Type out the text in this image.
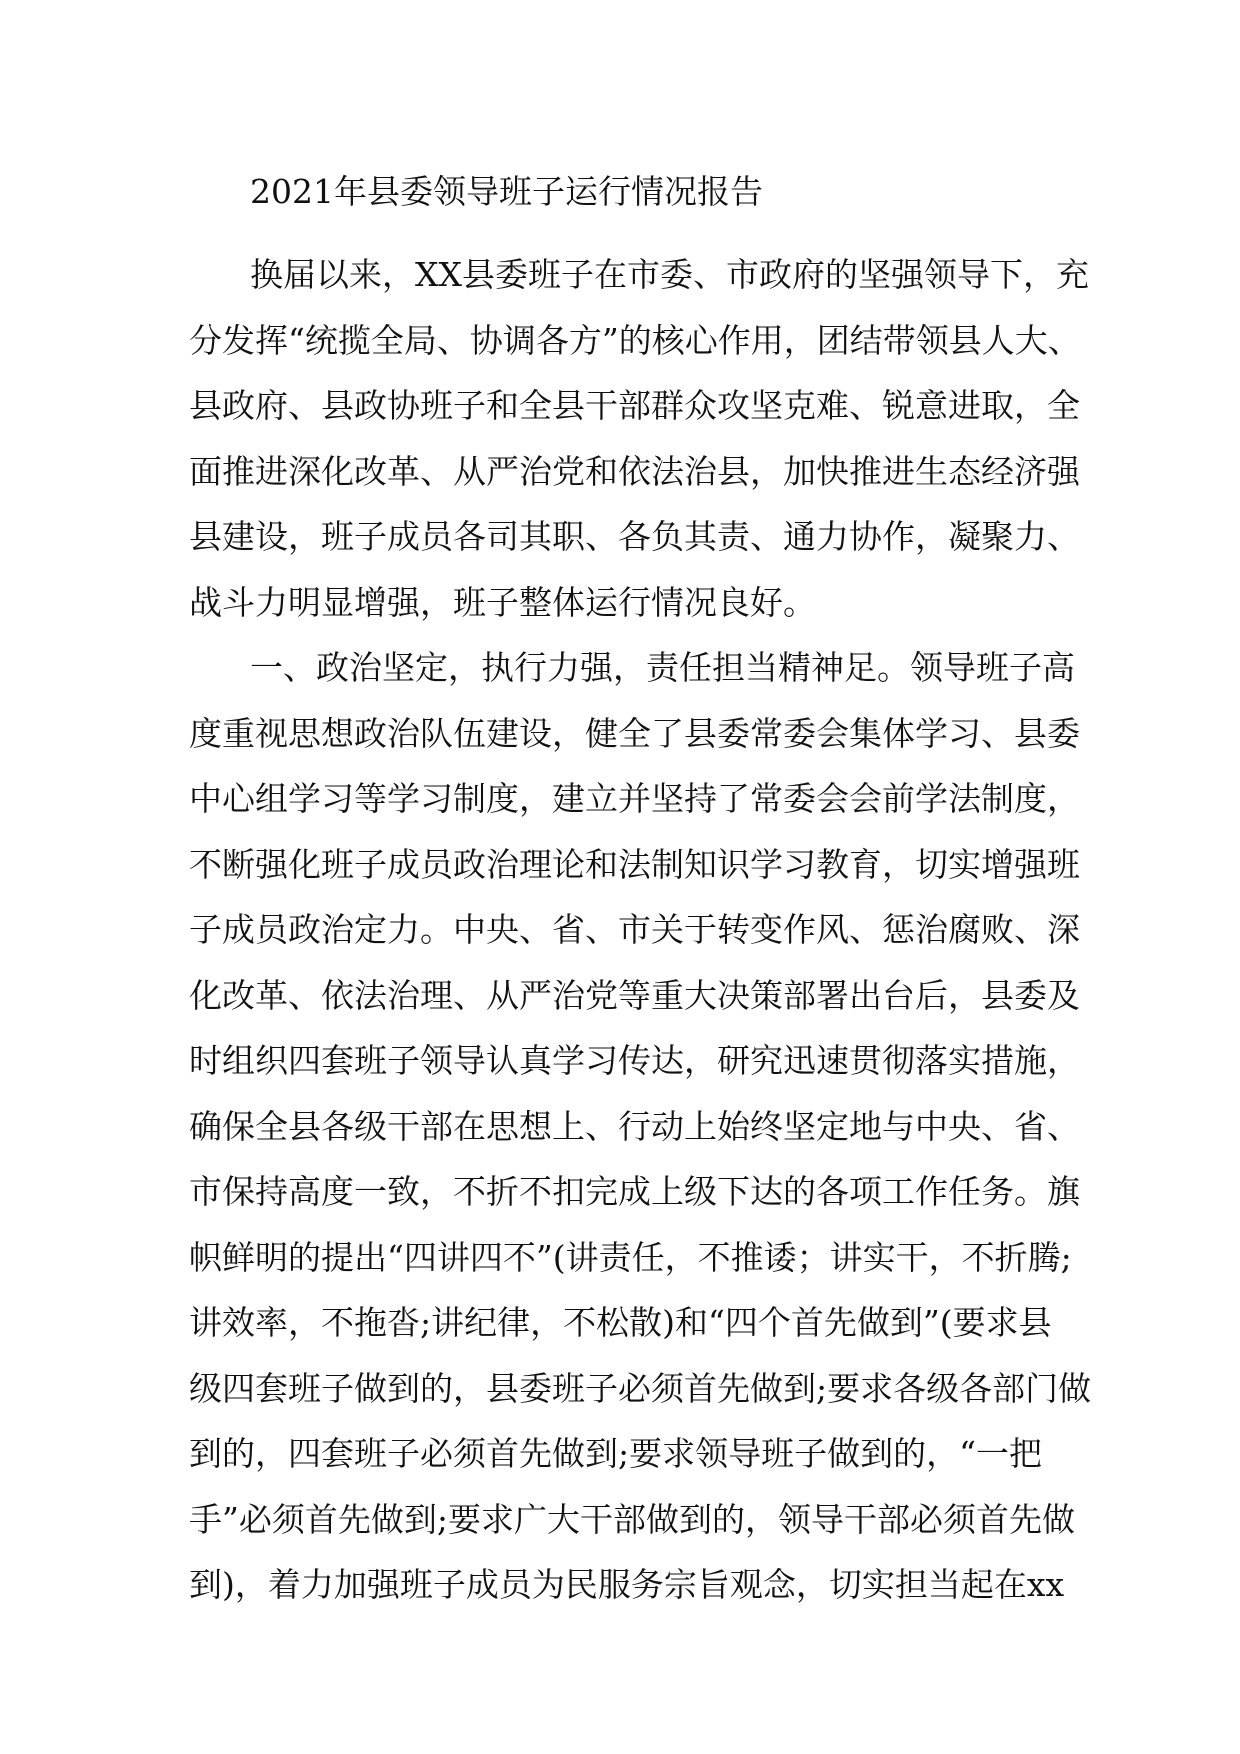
2021年县委领导班子运行情况报告

换届以来，XX县委班子在市委、市政府的坚强领导下，充
分发挥“统揽全局、协调各方”的核心作用，团结带领县人大、
县政府、县政协班子和全县干部群众攻坚克难、锐意进取，全
面推进深化改革、从严治党和依法治县，加快推进生态经济强
县建设，班子成员各司其职、各负其责、通力协作，凝聚力、
战斗力明显增强，班子整体运行情况良好。

一、政治坚定，执行力强，责任担当精神足。领导班子高
度重视思想政治队伍建设，健全了县委常委会集体学习、县委
中心组学习等学习制度，建立并坚持了常委会会前学法制度，
不断强化班子成员政治理论和法制知识学习教育，切实增强班
子成员政治定力。中央、省、市关于转变作风、惩治腐败、深
化改革、依法治理、从严治党等重大决策部署出台后，县委及
时组织四套班子领导认真学习传达，研究迅速贯彻落实措施，
确保全县各级干部在思想上、行动上始终坚定地与中央、省、
市保持高度一致，不折不扣完成上级下达的各项工作任务。旗
帜鲜明的提出“四讲四不”(讲责任，不推诿；讲实干，不折腾;
讲效率，不拖沓;讲纪律，不松散)和“四个首先做到”(要求县
级四套班子做到的，县委班子必须首先做到;要求各级各部门做
到的，四套班子必须首先做到;要求领导班子做到的，“一把
手”必须首先做到;要求广大干部做到的，领导干部必须首先做
到)，着力加强班子成员为民服务宗旨观念，切实担当起在xx
